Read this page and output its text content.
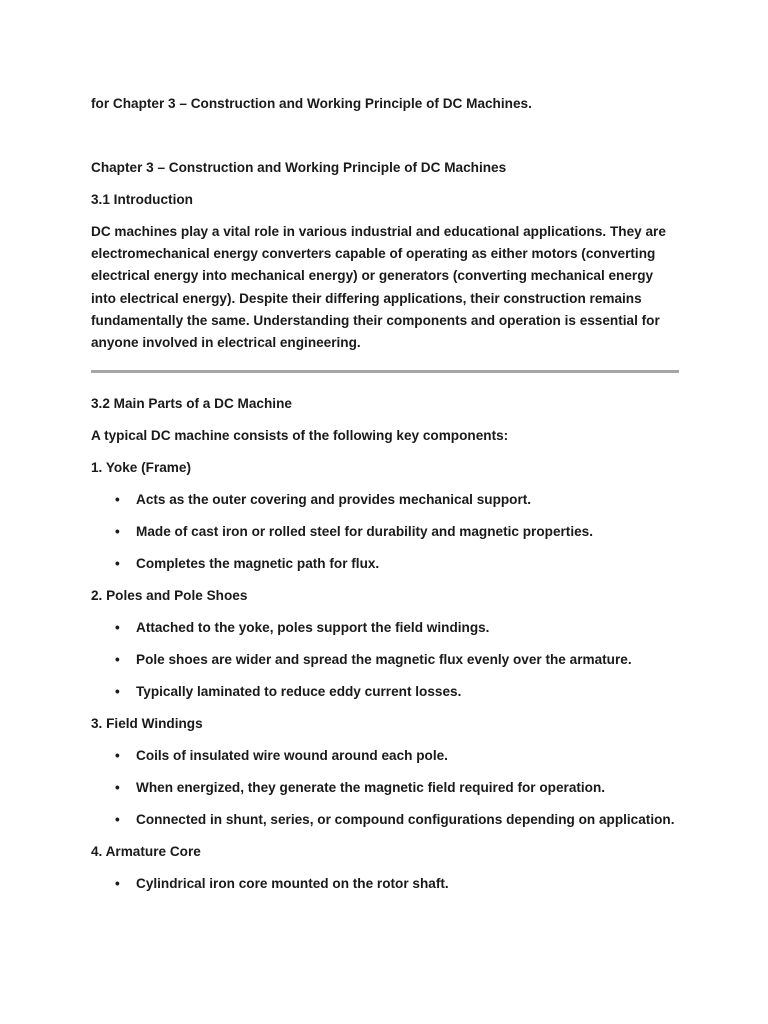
for Chapter 3 – Construction and Working Principle of DC Machines.

Chapter 3 – Construction and Working Principle of DC Machines

3.1 Introduction

DC machines play a vital role in various industrial and educational applications. They are electromechanical energy converters capable of operating as either motors (converting electrical energy into mechanical energy) or generators (converting mechanical energy into electrical energy). Despite their differing applications, their construction remains fundamentally the same. Understanding their components and operation is essential for anyone involved in electrical engineering.

3.2 Main Parts of a DC Machine

A typical DC machine consists of the following key components:

1. Yoke (Frame)

• Acts as the outer covering and provides mechanical support.
• Made of cast iron or rolled steel for durability and magnetic properties.
• Completes the magnetic path for flux.

2. Poles and Pole Shoes

• Attached to the yoke, poles support the field windings.
• Pole shoes are wider and spread the magnetic flux evenly over the armature.
• Typically laminated to reduce eddy current losses.

3. Field Windings

• Coils of insulated wire wound around each pole.
• When energized, they generate the magnetic field required for operation.
• Connected in shunt, series, or compound configurations depending on application.

4. Armature Core

• Cylindrical iron core mounted on the rotor shaft.
